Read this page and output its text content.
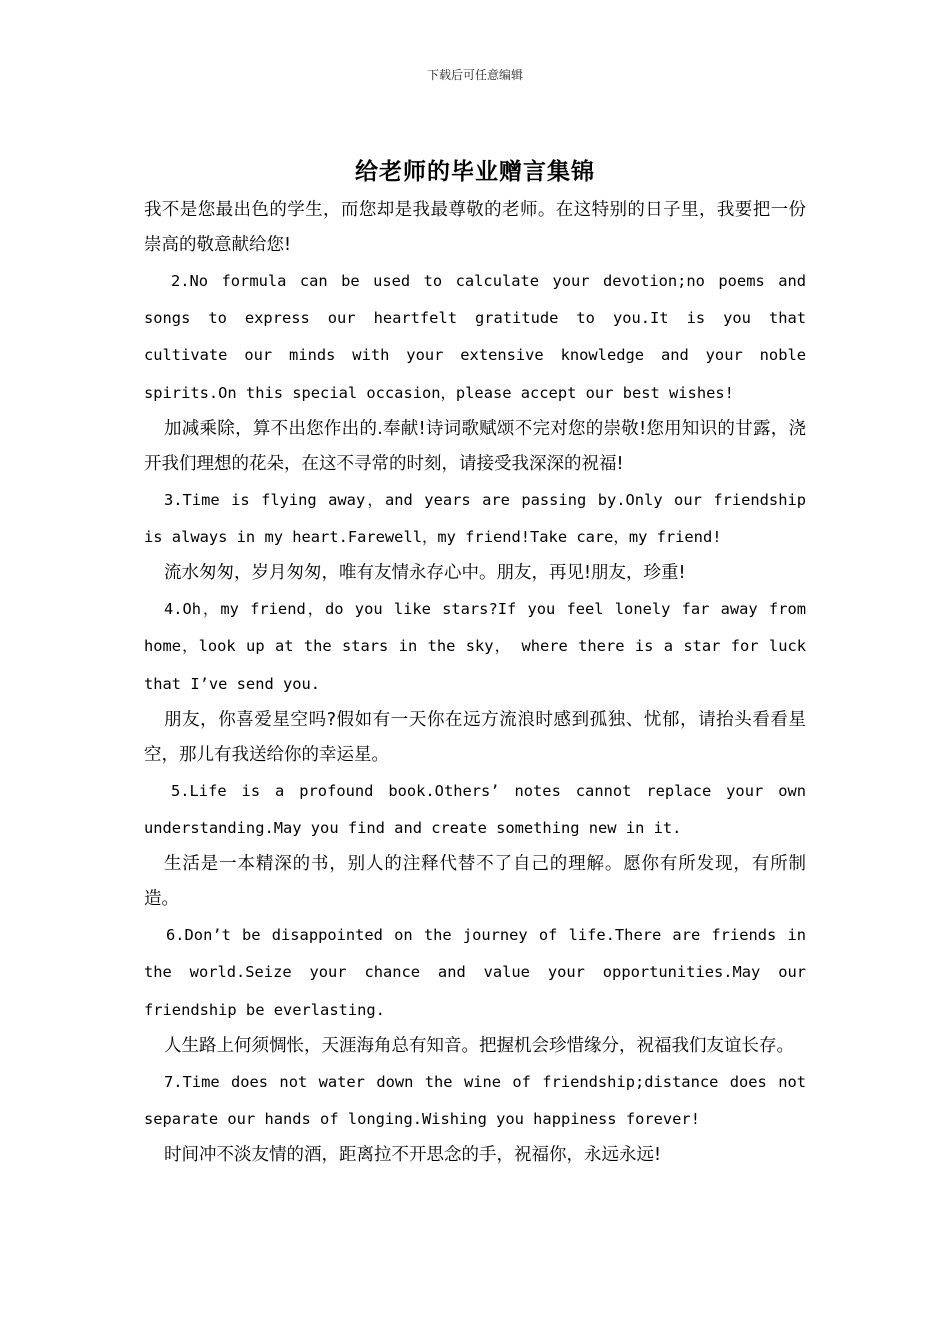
下载后可任意编辑
给老师的毕业赠言集锦

我不是您最出色的学生，而您却是我最尊敬的老师。在这特别的日子里，我要把一份崇高的敬意献给您!

2.No formula can be used to calculate your devotion;no poems and songs to express our heartfelt gratitude to you.It is you that cultivate our minds with your extensive knowledge and your noble spirits.On this special occasion，please accept our best wishes!

加减乘除，算不出您作出的.奉献!诗词歌赋颂不完对您的崇敬!您用知识的甘露，浇开我们理想的花朵，在这不寻常的时刻，请接受我深深的祝福!

3.Time is flying away，and years are passing by.Only our friendship is always in my heart.Farewell，my friend!Take care，my friend!

流水匆匆，岁月匆匆，唯有友情永存心中。朋友，再见!朋友，珍重!

4.Oh，my friend，do you like stars?If you feel lonely far away from home，look up at the stars in the sky， where there is a star for luck that I’ve send you.

朋友，你喜爱星空吗?假如有一天你在远方流浪时感到孤独、忧郁，请抬头看看星空，那儿有我送给你的幸运星。

5.Life is a profound book.Others’ notes cannot replace your own understanding.May you find and create something new in it.

生活是一本精深的书，别人的注释代替不了自己的理解。愿你有所发现，有所制造。

6.Don’t be disappointed on the journey of life.There are friends in the world.Seize your chance and value your opportunities.May our friendship be everlasting.

人生路上何须惆怅，天涯海角总有知音。把握机会珍惜缘分，祝福我们友谊长存。

7.Time does not water down the wine of friendship;distance does not separate our hands of longing.Wishing you happiness forever!

时间冲不淡友情的酒，距离拉不开思念的手，祝福你，永远永远!
